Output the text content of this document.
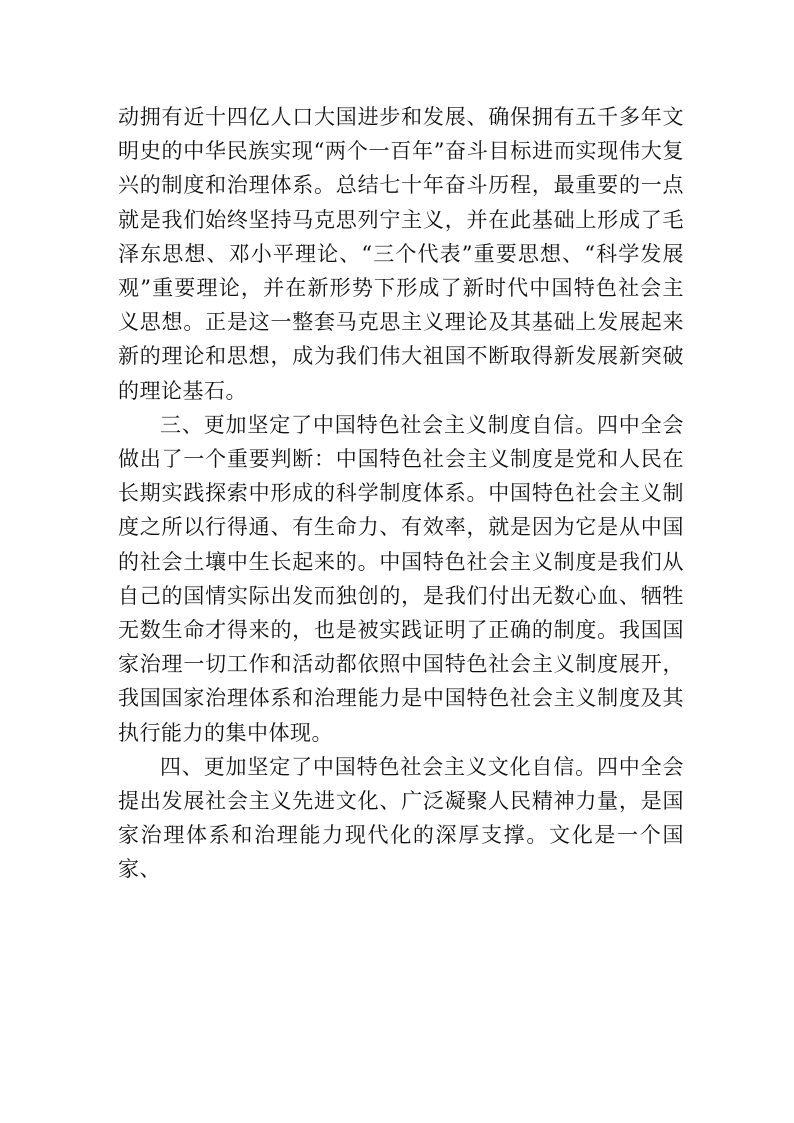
动拥有近十四亿人口大国进步和发展、确保拥有五千多年文明史的中华民族实现“两个一百年”奋斗目标进而实现伟大复兴的制度和治理体系。总结七十年奋斗历程，最重要的一点就是我们始终坚持马克思列宁主义，并在此基础上形成了毛泽东思想、邓小平理论、“三个代表”重要思想、“科学发展观”重要理论，并在新形势下形成了新时代中国特色社会主义思想。正是这一整套马克思主义理论及其基础上发展起来新的理论和思想，成为我们伟大祖国不断取得新发展新突破的理论基石。

三、更加坚定了中国特色社会主义制度自信。四中全会做出了一个重要判断：中国特色社会主义制度是党和人民在长期实践探索中形成的科学制度体系。中国特色社会主义制度之所以行得通、有生命力、有效率，就是因为它是从中国的社会土壤中生长起来的。中国特色社会主义制度是我们从自己的国情实际出发而独创的，是我们付出无数心血、牺牲无数生命才得来的，也是被实践证明了正确的制度。我国国家治理一切工作和活动都依照中国特色社会主义制度展开，我国国家治理体系和治理能力是中国特色社会主义制度及其执行能力的集中体现。

四、更加坚定了中国特色社会主义文化自信。四中全会提出发展社会主义先进文化、广泛凝聚人民精神力量，是国家治理体系和治理能力现代化的深厚支撑。文化是一个国家、
